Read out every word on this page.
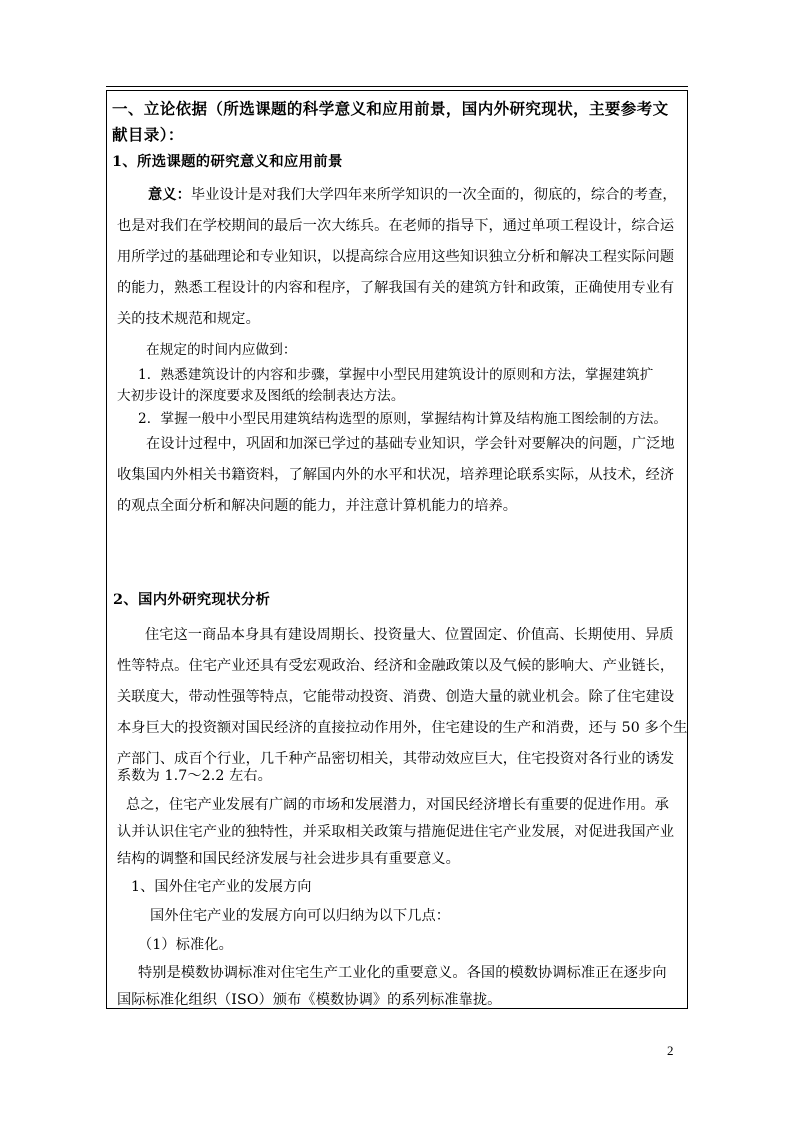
一、立论依据（所选课题的科学意义和应用前景，国内外研究现状，主要参考文
献目录）：
1、所选课题的研究意义和应用前景
意义：毕业设计是对我们大学四年来所学知识的一次全面的，彻底的，综合的考查，
也是对我们在学校期间的最后一次大练兵。在老师的指导下，通过单项工程设计，综合运
用所学过的基础理论和专业知识，以提高综合应用这些知识独立分析和解决工程实际问题
的能力，熟悉工程设计的内容和程序，了解我国有关的建筑方针和政策，正确使用专业有
关的技术规范和规定。
在规定的时间内应做到：
1．熟悉建筑设计的内容和步骤，掌握中小型民用建筑设计的原则和方法，掌握建筑扩
大初步设计的深度要求及图纸的绘制表达方法。
2．掌握一般中小型民用建筑结构选型的原则，掌握结构计算及结构施工图绘制的方法。
在设计过程中，巩固和加深已学过的基础专业知识，学会针对要解决的问题，广泛地
收集国内外相关书籍资料，了解国内外的水平和状况，培养理论联系实际，从技术，经济
的观点全面分析和解决问题的能力，并注意计算机能力的培养。
2、国内外研究现状分析
住宅这一商品本身具有建设周期长、投资量大、位置固定、价值高、长期使用、异质
性等特点。住宅产业还具有受宏观政治、经济和金融政策以及气候的影响大、产业链长，
关联度大，带动性强等特点，它能带动投资、消费、创造大量的就业机会。除了住宅建设
本身巨大的投资额对国民经济的直接拉动作用外，住宅建设的生产和消费，还与 50 多个生
产部门、成百个行业，几千种产品密切相关，其带动效应巨大，住宅投资对各行业的诱发
系数为 1.7～2.2 左右。
总之，住宅产业发展有广阔的市场和发展潜力，对国民经济增长有重要的促进作用。承
认并认识住宅产业的独特性，并采取相关政策与措施促进住宅产业发展，对促进我国产业
结构的调整和国民经济发展与社会进步具有重要意义。
1、国外住宅产业的发展方向
国外住宅产业的发展方向可以归纳为以下几点：
（1）标准化。
特别是模数协调标准对住宅生产工业化的重要意义。各国的模数协调标准正在逐步向
国际标准化组织（ISO）颁布《模数协调》的系列标准靠拢。
2
